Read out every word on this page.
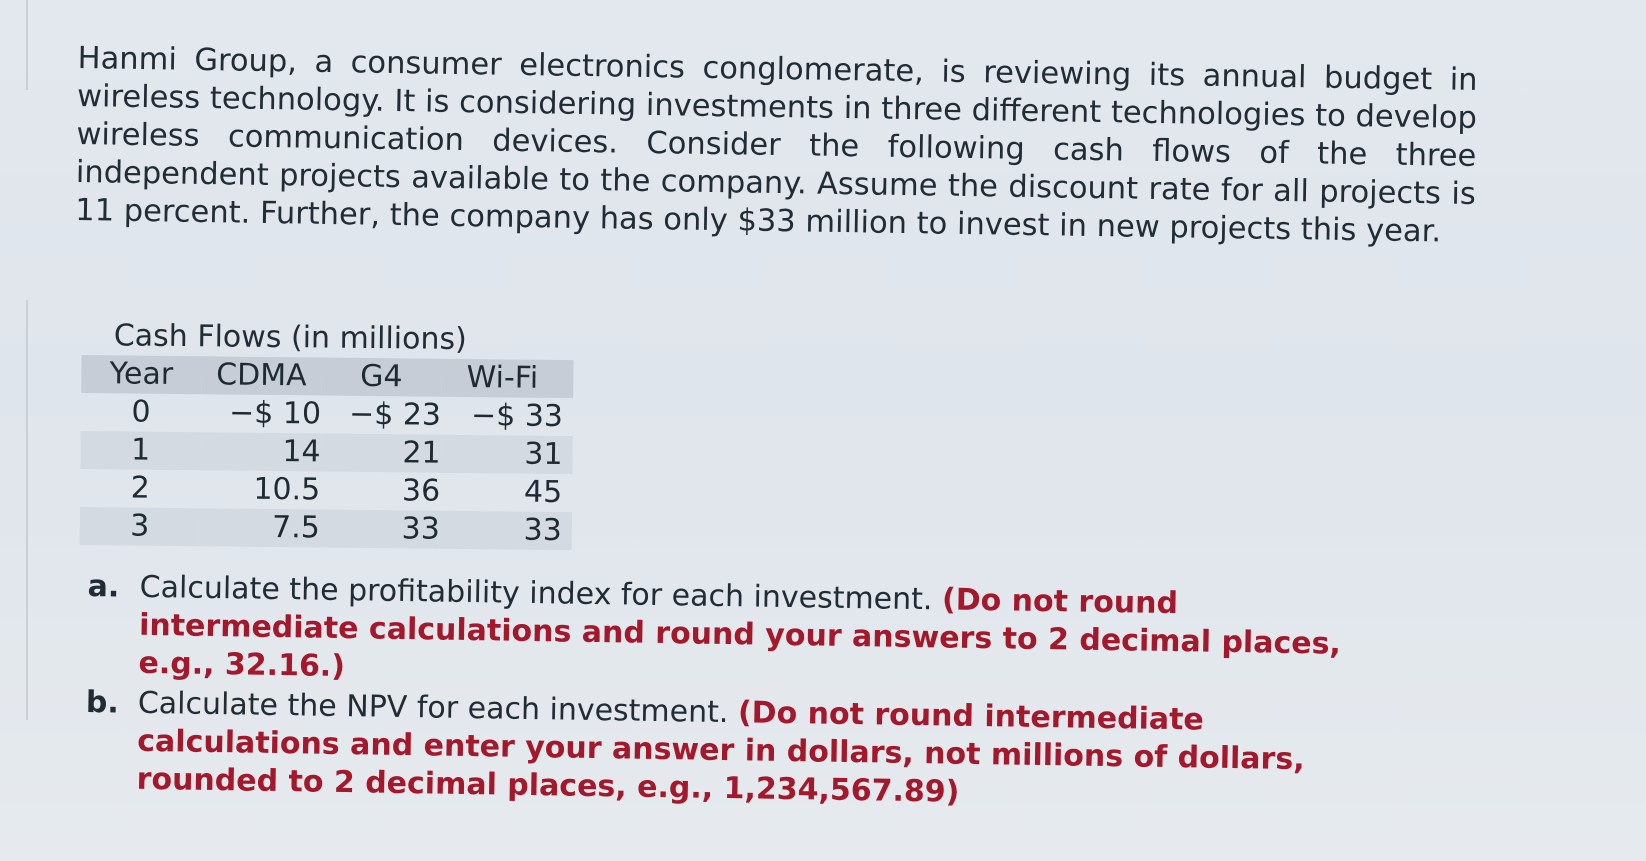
Hanmi Group, a consumer electronics conglomerate, is reviewing its annual budget in wireless technology. It is considering investments in three different technologies to develop wireless communication devices. Consider the following cash flows of the three independent projects available to the company. Assume the discount rate for all projects is 11 percent. Further, the company has only $33 million to invest in new projects this year.
Cash Flows (in millions)
Year	CDMA	G4	Wi-Fi
0	−$ 10	−$ 23	−$ 33
1	14	21	31
2	10.5	36	45
3	7.5	33	33
a. Calculate the profitability index for each investment. (Do not round intermediate calculations and round your answers to 2 decimal places, e.g., 32.16.)
b. Calculate the NPV for each investment. (Do not round intermediate calculations and enter your answer in dollars, not millions of dollars, rounded to 2 decimal places, e.g., 1,234,567.89)
